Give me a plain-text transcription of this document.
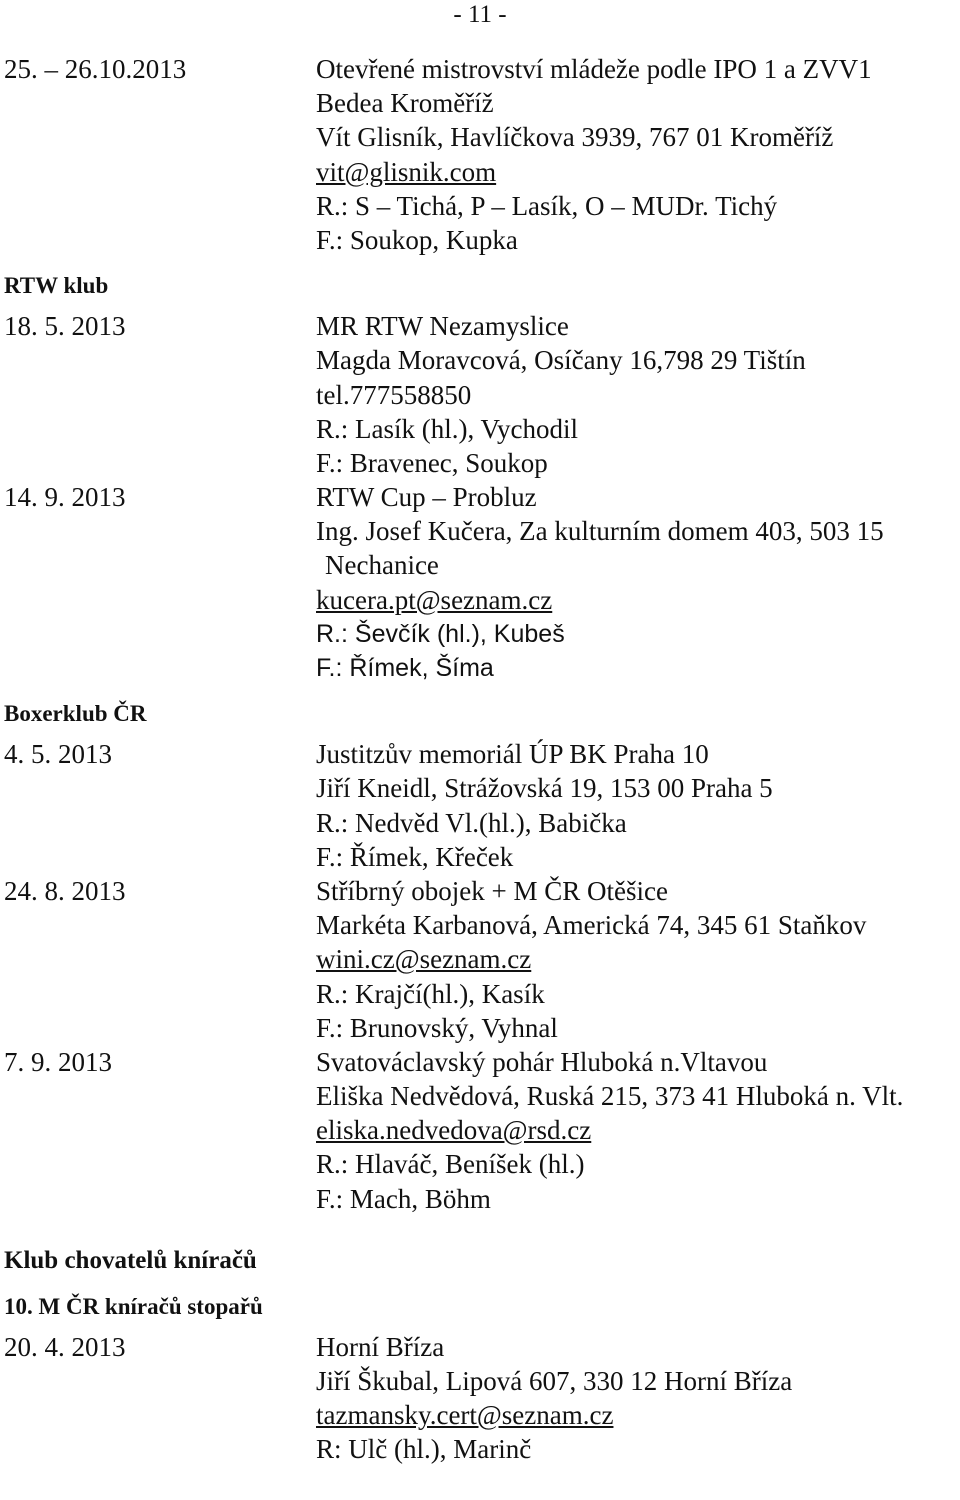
- 11 -
25. – 26.10.2013	Otevřené mistrovství mládeže podle IPO 1 a ZVV1
Bedea Kroměříž
Vít Glisník, Havlíčkova 3939, 767 01 Kroměříž
vit@glisnik.com
R.: S – Tichá, P – Lasík, O – MUDr. Tichý
F.: Soukop, Kupka
RTW klub
18. 5. 2013	MR RTW Nezamyslice
Magda Moravcová, Osíčany 16,798 29 Tištín
tel.777558850
R.: Lasík (hl.), Vychodil
F.: Bravenec, Soukop
14. 9. 2013	RTW Cup – Probluz
Ing. Josef Kučera, Za kulturním domem 403, 503 15
Nechanice
kucera.pt@seznam.cz
R.: Ševčík (hl.), Kubeš
F.: Římek, Šíma
Boxerklub ČR
4. 5. 2013	Justitzův memoriál ÚP BK Praha 10
Jiří Kneidl, Strážovská 19, 153 00 Praha 5
R.: Nedvěd Vl.(hl.), Babička
F.: Římek, Křeček
24. 8. 2013	Stříbrný obojek + M ČR Otěšice
Markéta Karbanová, Americká 74, 345 61 Staňkov
wini.cz@seznam.cz
R.: Krajčí(hl.), Kasík
F.: Brunovský, Vyhnal
7. 9. 2013	Svatováclavský pohár Hluboká n.Vltavou
Eliška Nedvědová, Ruská 215, 373 41 Hluboká n. Vlt.
eliska.nedvedova@rsd.cz
R.: Hlaváč, Beníšek (hl.)
F.: Mach, Böhm
Klub chovatelů kníračů
10. M ČR kníračů stopařů
20. 4. 2013	Horní Bříza
Jiří Škubal, Lipová 607, 330 12 Horní Bříza
tazmansky.cert@seznam.cz
R: Ulč (hl.), Marinč
